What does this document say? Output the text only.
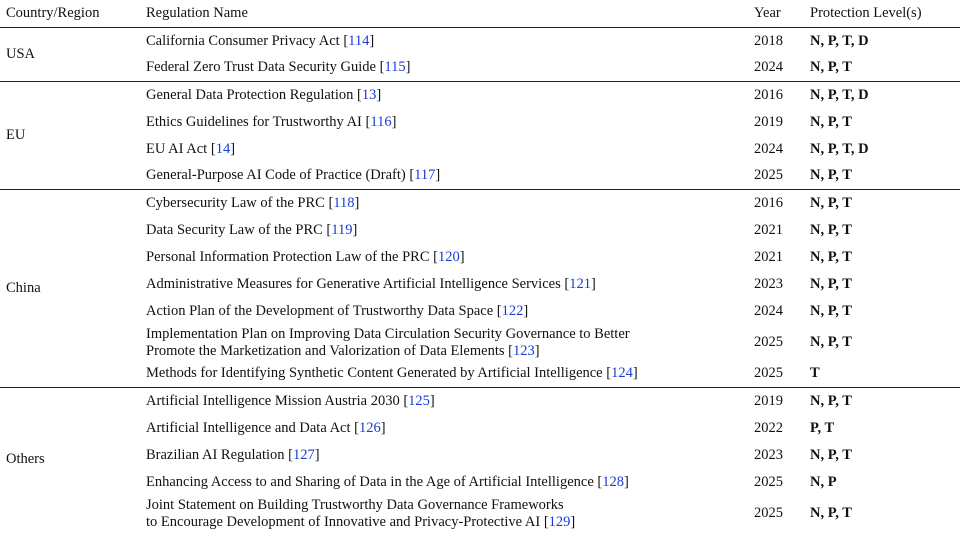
Country/Region	Regulation Name	Year	Protection Level(s)
USA	California Consumer Privacy Act [114]	2018	N, P, T, D
	Federal Zero Trust Data Security Guide [115]	2024	N, P, T
EU	General Data Protection Regulation [13]	2016	N, P, T, D
	Ethics Guidelines for Trustworthy AI [116]	2019	N, P, T
	EU AI Act [14]	2024	N, P, T, D
	General-Purpose AI Code of Practice (Draft) [117]	2025	N, P, T
China	Cybersecurity Law of the PRC [118]	2016	N, P, T
	Data Security Law of the PRC [119]	2021	N, P, T
	Personal Information Protection Law of the PRC [120]	2021	N, P, T
	Administrative Measures for Generative Artificial Intelligence Services [121]	2023	N, P, T
	Action Plan of the Development of Trustworthy Data Space [122]	2024	N, P, T
	Implementation Plan on Improving Data Circulation Security Governance to Better
Promote the Marketization and Valorization of Data Elements [123]	2025	N, P, T
	Methods for Identifying Synthetic Content Generated by Artificial Intelligence [124]	2025	T
Others	Artificial Intelligence Mission Austria 2030 [125]	2019	N, P, T
	Artificial Intelligence and Data Act [126]	2022	P, T
	Brazilian AI Regulation [127]	2023	N, P, T
	Enhancing Access to and Sharing of Data in the Age of Artificial Intelligence [128]	2025	N, P
	Joint Statement on Building Trustworthy Data Governance Frameworks
to Encourage Development of Innovative and Privacy-Protective AI [129]	2025	N, P, T
